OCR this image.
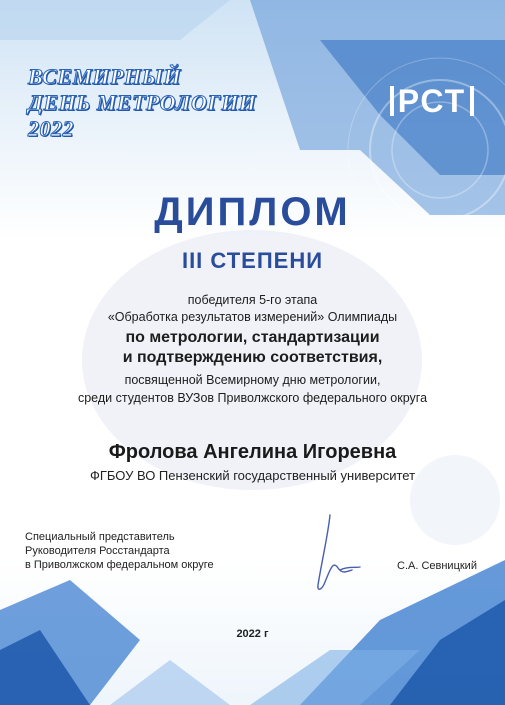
ВСЕМИРНЫЙ
ДЕНЬ МЕТРОЛОГИИ
2022
РСТ
ДИПЛОМ
III СТЕПЕНИ
победителя 5-го этапа
«Обработка результатов измерений» Олимпиады
по метрологии, стандартизации
и подтверждению соответствия,
посвященной Всемирному дню метрологии,
среди студентов ВУЗов Приволжского федерального округа
Фролова Ангелина Игоревна
ФГБОУ ВО Пензенский государственный университет
Специальный представитель
Руководителя Росстандарта
в Приволжском федеральном округе	С.А. Севницкий
2022 г
